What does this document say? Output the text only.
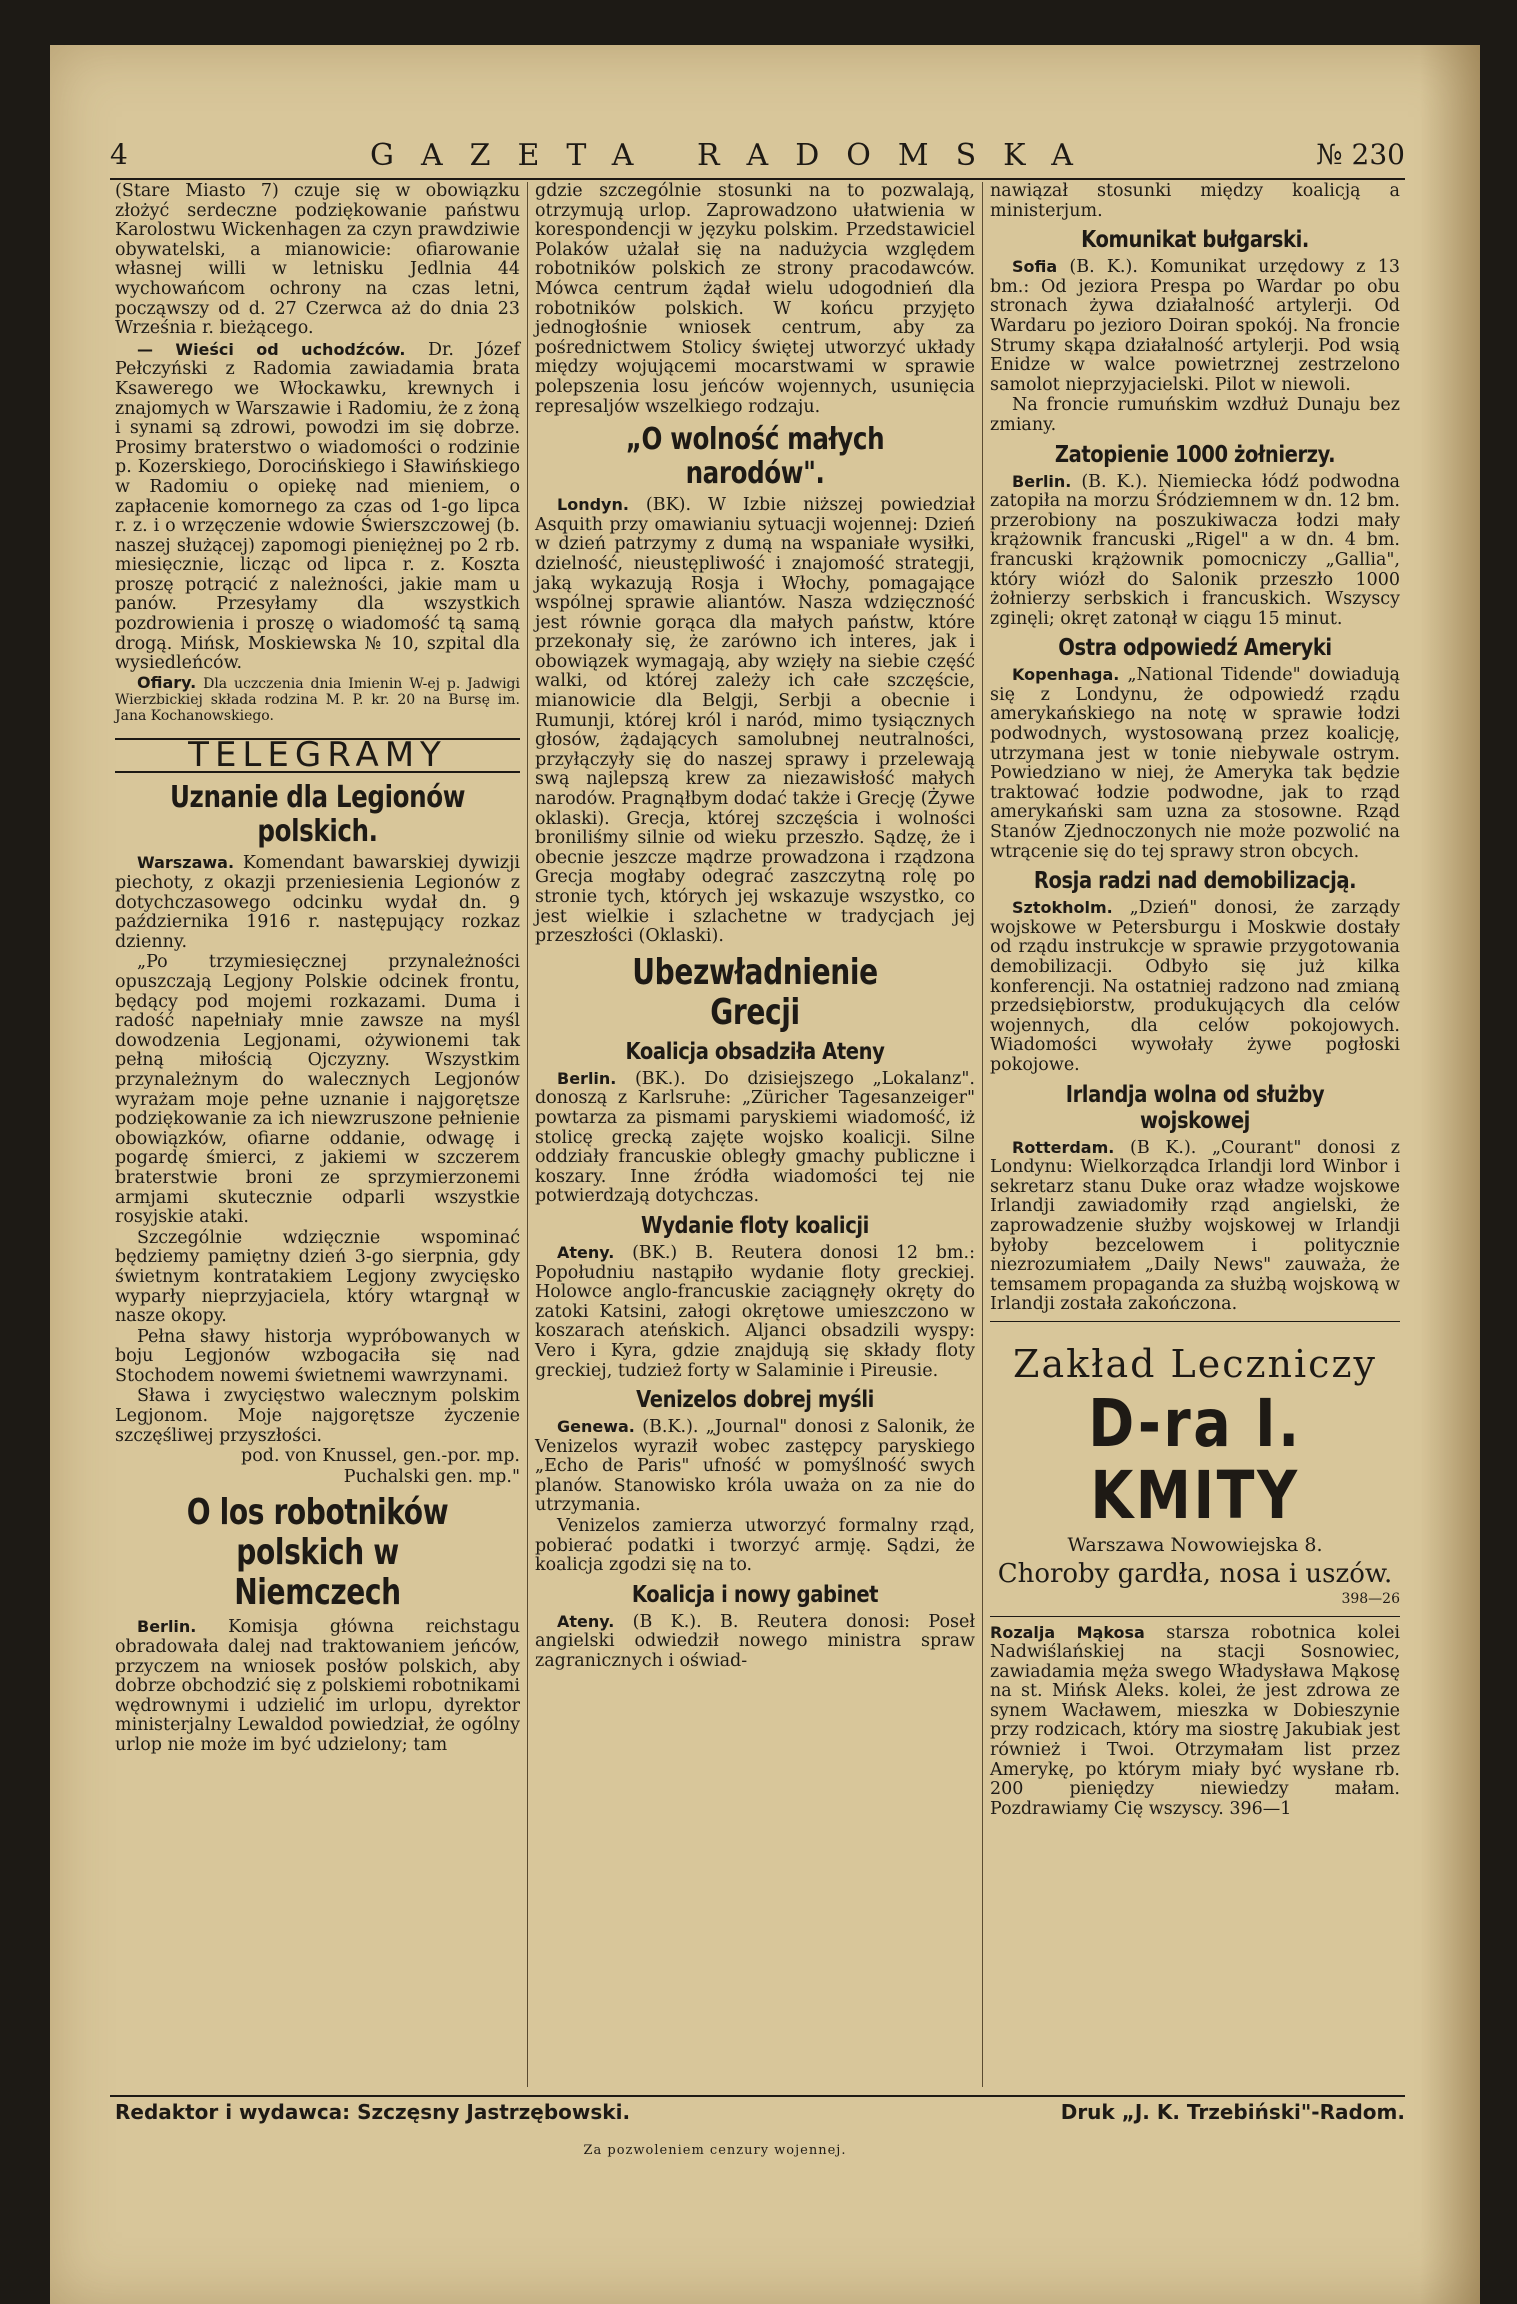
4	GAZETA RADOMSKA	№ 230

(Stare Miasto 7) czuje się w obowiązku złożyć serdeczne podziękowanie państwu Karolostwu Wickenhagen za czyn prawdziwie obywatelski, a mianowicie: ofiarowanie własnej willi w letnisku Jedlnia 44 wychowańcom ochrony na czas letni, począwszy od d. 27 Czerwca aż do dnia 23 Września r. bieżącego.

— Wieści od uchodźców. Dr. Józef Pełczyński z Radomia zawiadamia brata Ksawerego we Włockawku, krewnych i znajomych w Warszawie i Radomiu, że z żoną i synami są zdrowi, powodzi im się dobrze. Prosimy braterstwo o wiadomości o rodzinie p. Kozerskiego, Dorocińskiego i Sławińskiego w Radomiu o opiekę nad mieniem, o zapłacenie komornego za czas od 1-go lipca r. z. i o wrzęczenie wdowie Świerszczowej (b. naszej służącej) zapomogi pieniężnej po 2 rb. miesięcznie, licząc od lipca r. z. Koszta proszę potrącić z należności, jakie mam u panów. Przesyłamy dla wszystkich pozdrowienia i proszę o wiadomość tą samą drogą. Mińsk, Moskiewska № 10, szpital dla wysiedleńców.

Ofiary. Dla uczczenia dnia Imienin W-ej p. Jadwigi Wierzbickiej składa rodzina M. P. kr. 20 na Bursę im. Jana Kochanowskiego.

TELEGRAMY
Uznanie dla Legionów polskich.

Warszawa. Komendant bawarskiej dywizji piechoty, z okazji przeniesienia Legionów z dotychczasowego odcinku wydał dn. 9 października 1916 r. następujący rozkaz dzienny.

„Po trzymiesięcznej przynależności opuszczają Legjony Polskie odcinek frontu, będący pod mojemi rozkazami. Duma i radość napełniały mnie zawsze na myśl dowodzenia Legjonami, ożywionemi tak pełną miłością Ojczyzny. Wszystkim przynależnym do walecznych Legjonów wyrażam moje pełne uznanie i najgorętsze podziękowanie za ich niewzruszone pełnienie obowiązków, ofiarne oddanie, odwagę i pogardę śmierci, z jakiemi w szczerem braterstwie broni ze sprzymierzonemi armjami skutecznie odparli wszystkie rosyjskie ataki.

Szczególnie wdzięcznie wspominać będziemy pamiętny dzień 3-go sierpnia, gdy świetnym kontratakiem Legjony zwycięsko wyparły nieprzyjaciela, który wtargnął w nasze okopy.

Pełna sławy historja wypróbowanych w boju Legjonów wzbogaciła się nad Stochodem nowemi świetnemi wawrzynami.

Sława i zwycięstwo walecznym polskim Legjonom. Moje najgorętsze życzenie szczęśliwej przyszłości.

pod. von Knussel, gen.-por. mp.

Puchalski gen. mp."

O los robotników polskich w Niemczech

Berlin. Komisja główna reichstagu obradowała dalej nad traktowaniem jeńców, przyczem na wniosek posłów polskich, aby dobrze obchodzić się z polskiemi robotnikami wędrownymi i udzielić im urlopu, dyrektor ministerjalny Lewaldod powiedział, że ogólny urlop nie może im być udzielony; tam

gdzie szczególnie stosunki na to pozwalają, otrzymują urlop. Zaprowadzono ułatwienia w korespondencji w języku polskim. Przedstawiciel Polaków użalał się na nadużycia względem robotników polskich ze strony pracodawców. Mówca centrum żądał wielu udogodnień dla robotników polskich. W końcu przyjęto jednogłośnie wniosek centrum, aby za pośrednictwem Stolicy świętej utworzyć układy między wojującemi mocarstwami w sprawie polepszenia losu jeńców wojennych, usunięcia represaljów wszelkiego rodzaju.

„O wolność małych narodów".

Londyn. (BK). W Izbie niższej powiedział Asquith przy omawianiu sytuacji wojennej: Dzień w dzień patrzymy z dumą na wspaniałe wysiłki, dzielność, nieustępliwość i znajomość strategji, jaką wykazują Rosja i Włochy, pomagające wspólnej sprawie aliantów. Nasza wdzięczność jest równie gorąca dla małych państw, które przekonały się, że zarówno ich interes, jak i obowiązek wymagają, aby wzięły na siebie część walki, od której zależy ich całe szczęście, mianowicie dla Belgji, Serbji a obecnie i Rumunji, której król i naród, mimo tysiącznych głosów, żądających samolubnej neutralności, przyłączyły się do naszej sprawy i przelewają swą najlepszą krew za niezawisłość małych narodów. Pragnąłbym dodać także i Grecję (Żywe oklaski). Grecja, której szczęścia i wolności broniliśmy silnie od wieku przeszło. Sądzę, że i obecnie jeszcze mądrze prowadzona i rządzona Grecja mogłaby odegrać zaszczytną rolę po stronie tych, których jej wskazuje wszystko, co jest wielkie i szlachetne w tradycjach jej przeszłości (Oklaski).

Ubezwładnienie Grecji
Koalicja obsadziła Ateny

Berlin. (BK.). Do dzisiejszego „Lokalanz". donoszą z Karlsruhe: „Züricher Tagesanzeiger" powtarza za pismami paryskiemi wiadomość, iż stolicę grecką zajęte wojsko koalicji. Silne oddziały francuskie obległy gmachy publiczne i koszary. Inne źródła wiadomości tej nie potwierdzają dotychczas.

Wydanie floty koalicji

Ateny. (BK.) B. Reutera donosi 12 bm.: Popołudniu nastąpiło wydanie floty greckiej. Holowce anglo-francuskie zaciągnęły okręty do zatoki Katsini, załogi okrętowe umieszczono w koszarach ateńskich. Aljanci obsadzili wyspy: Vero i Kyra, gdzie znajdują się składy floty greckiej, tudzież forty w Salaminie i Pireusie.

Venizelos dobrej myśli

Genewa. (B.K.). „Journal" donosi z Salonik, że Venizelos wyraził wobec zastępcy paryskiego „Echo de Paris" ufność w pomyślność swych planów. Stanowisko króla uważa on za nie do utrzymania.

Venizelos zamierza utworzyć formalny rząd, pobierać podatki i tworzyć armję. Sądzi, że koalicja zgodzi się na to.

Koalicja i nowy gabinet

Ateny. (B K.). B. Reutera donosi: Poseł angielski odwiedził nowego ministra spraw zagranicznych i oświad-

nawiązał stosunki między koalicją a ministerjum.

Komunikat bułgarski.

Sofia (B. K.). Komunikat urzędowy z 13 bm.: Od jeziora Prespa po Wardar po obu stronach żywa działalność artylerji. Od Wardaru po jezioro Doiran spokój. Na froncie Strumy skąpa działalność artylerji. Pod wsią Enidze w walce powietrznej zestrzelono samolot nieprzyjacielski. Pilot w niewoli.

Na froncie rumuńskim wzdłuż Dunaju bez zmiany.

Zatopienie 1000 żołnierzy.

Berlin. (B. K.). Niemiecka łódź podwodna zatopiła na morzu Śródziemnem w dn. 12 bm. przerobiony na poszukiwacza łodzi mały krążownik francuski „Rigel" a w dn. 4 bm. francuski krążownik pomocniczy „Gallia", który wiózł do Salonik przeszło 1000 żołnierzy serbskich i francuskich. Wszyscy zginęli; okręt zatonął w ciągu 15 minut.

Ostra odpowiedź Ameryki

Kopenhaga. „National Tidende" dowiadują się z Londynu, że odpowiedź rządu amerykańskiego na notę w sprawie łodzi podwodnych, wystosowaną przez koalicję, utrzymana jest w tonie niebywale ostrym. Powiedziano w niej, że Ameryka tak będzie traktować łodzie podwodne, jak to rząd amerykański sam uzna za stosowne. Rząd Stanów Zjednoczonych nie może pozwolić na wtrącenie się do tej sprawy stron obcych.

Rosja radzi nad demobilizacją.

Sztokholm. „Dzień" donosi, że zarządy wojskowe w Petersburgu i Moskwie dostały od rządu instrukcje w sprawie przygotowania demobilizacji. Odbyło się już kilka konferencji. Na ostatniej radzono nad zmianą przedsiębiorstw, produkujących dla celów wojennych, dla celów pokojowych. Wiadomości wywołały żywe pogłoski pokojowe.

Irlandja wolna od służby wojskowej

Rotterdam. (B K.). „Courant" donosi z Londynu: Wielkorządca Irlandji lord Winbor i sekretarz stanu Duke oraz władze wojskowe Irlandji zawiadomiły rząd angielski, że zaprowadzenie służby wojskowej w Irlandji byłoby bezcelowem i politycznie niezrozumiałem „Daily News" zauważa, że temsamem propaganda za służbą wojskową w Irlandji została zakończona.

Zakład Leczniczy
D-ra I. KMITY
Warszawa Nowowiejska 8.
Choroby gardła, nosa i uszów.
398—26

Rozalja Mąkosa starsza robotnica kolei Nadwiślańskiej na stacji Sosnowiec, zawiadamia męża swego Władysława Mąkosę na st. Mińsk Aleks. kolei, że jest zdrowa ze synem Wacławem, mieszka w Dobieszynie przy rodzicach, który ma siostrę Jakubiak jest również i Twoi. Otrzymałam list przez Amerykę, po którym miały być wysłane rb. 200 pieniędzy niewiedzy małam. Pozdrawiamy Cię wszyscy. 396—1

Redaktor i wydawca: Szczęsny Jastrzębowski.	Druk „J. K. Trzebiński"-Radom.
Za pozwoleniem cenzury wojennej.
